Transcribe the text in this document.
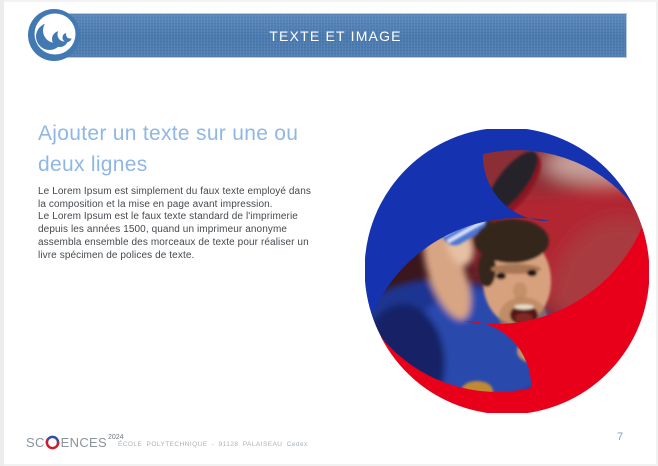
TEXTE ET IMAGE
Ajouter un texte sur une ou
deux lignes
Le Lorem Ipsum est simplement du faux texte employé dans
la composition et la mise en page avant impression.
Le Lorem Ipsum est le faux texte standard de l'imprimerie
depuis les années 1500, quand un imprimeur anonyme
assembla ensemble des morceaux de texte pour réaliser un
livre spécimen de polices de texte.
SC ENCES 2024
ÉCOLE POLYTECHNIQUE - 91128 PALAISEAU Cedex
7
